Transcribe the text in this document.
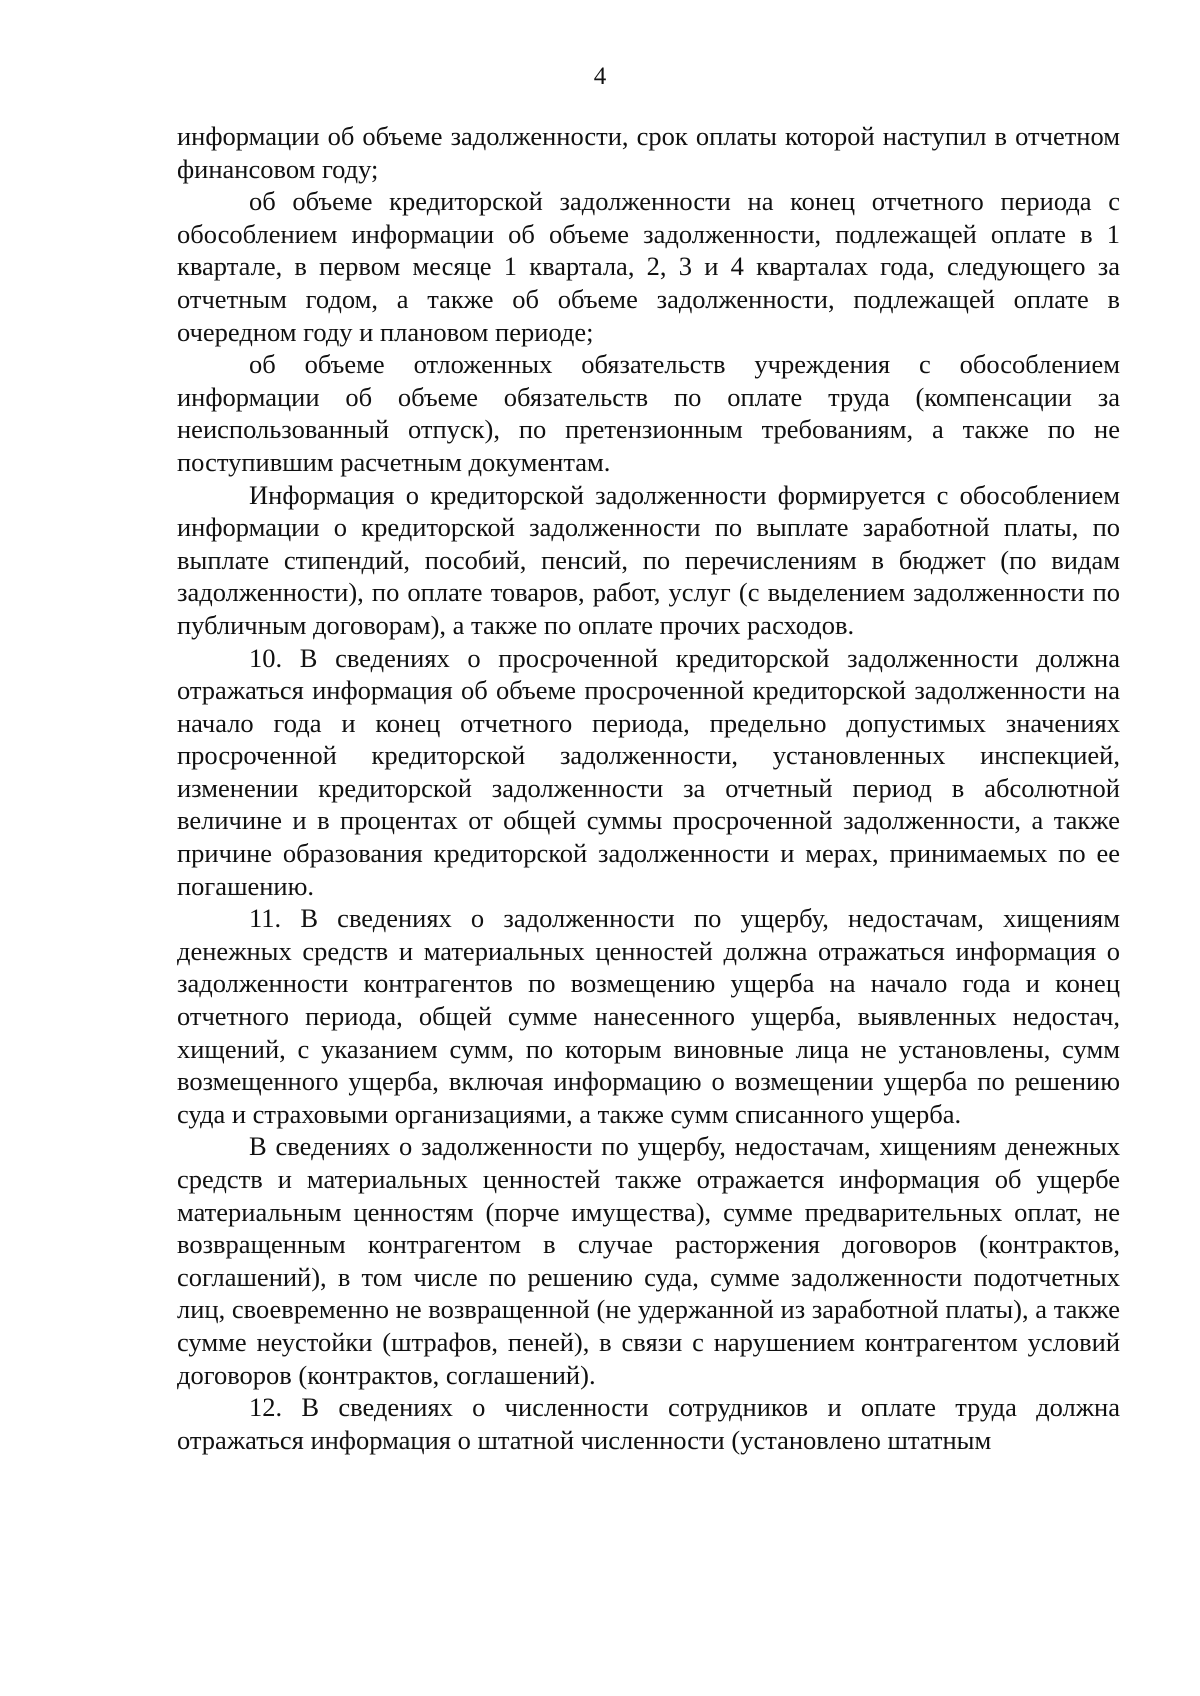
4

информации об объеме задолженности, срок оплаты которой наступил в отчетном финансовом году;

об объеме кредиторской задолженности на конец отчетного периода с обособлением информации об объеме задолженности, подлежащей оплате в 1 квартале, в первом месяце 1 квартала, 2, 3 и 4 кварталах года, следующего за отчетным годом, а также об объеме задолженности, подлежащей оплате в очередном году и плановом периоде;

об объеме отложенных обязательств учреждения с обособлением информации об объеме обязательств по оплате труда (компенсации за неиспользованный отпуск), по претензионным требованиям, а также по не поступившим расчетным документам.

Информация о кредиторской задолженности формируется с обособлением информации о кредиторской задолженности по выплате заработной платы, по выплате стипендий, пособий, пенсий, по перечислениям в бюджет (по видам задолженности), по оплате товаров, работ, услуг (с выделением задолженности по публичным договорам), а также по оплате прочих расходов.

10. В сведениях о просроченной кредиторской задолженности должна отражаться информация об объеме просроченной кредиторской задолженности на начало года и конец отчетного периода, предельно допустимых значениях просроченной кредиторской задолженности, установленных инспекцией, изменении кредиторской задолженности за отчетный период в абсолютной величине и в процентах от общей суммы просроченной задолженности, а также причине образования кредиторской задолженности и мерах, принимаемых по ее погашению.

11. В сведениях о задолженности по ущербу, недостачам, хищениям денежных средств и материальных ценностей должна отражаться информация о задолженности контрагентов по возмещению ущерба на начало года и конец отчетного периода, общей сумме нанесенного ущерба, выявленных недостач, хищений, с указанием сумм, по которым виновные лица не установлены, сумм возмещенного ущерба, включая информацию о возмещении ущерба по решению суда и страховыми организациями, а также сумм списанного ущерба.

В сведениях о задолженности по ущербу, недостачам, хищениям денежных средств и материальных ценностей также отражается информация об ущербе материальным ценностям (порче имущества), сумме предварительных оплат, не возвращенным контрагентом в случае расторжения договоров (контрактов, соглашений), в том числе по решению суда, сумме задолженности подотчетных лиц, своевременно не возвращенной (не удержанной из заработной платы), а также сумме неустойки (штрафов, пеней), в связи с нарушением контрагентом условий договоров (контрактов, соглашений).

12. В сведениях о численности сотрудников и оплате труда должна отражаться информация о штатной численности (установлено штатным
